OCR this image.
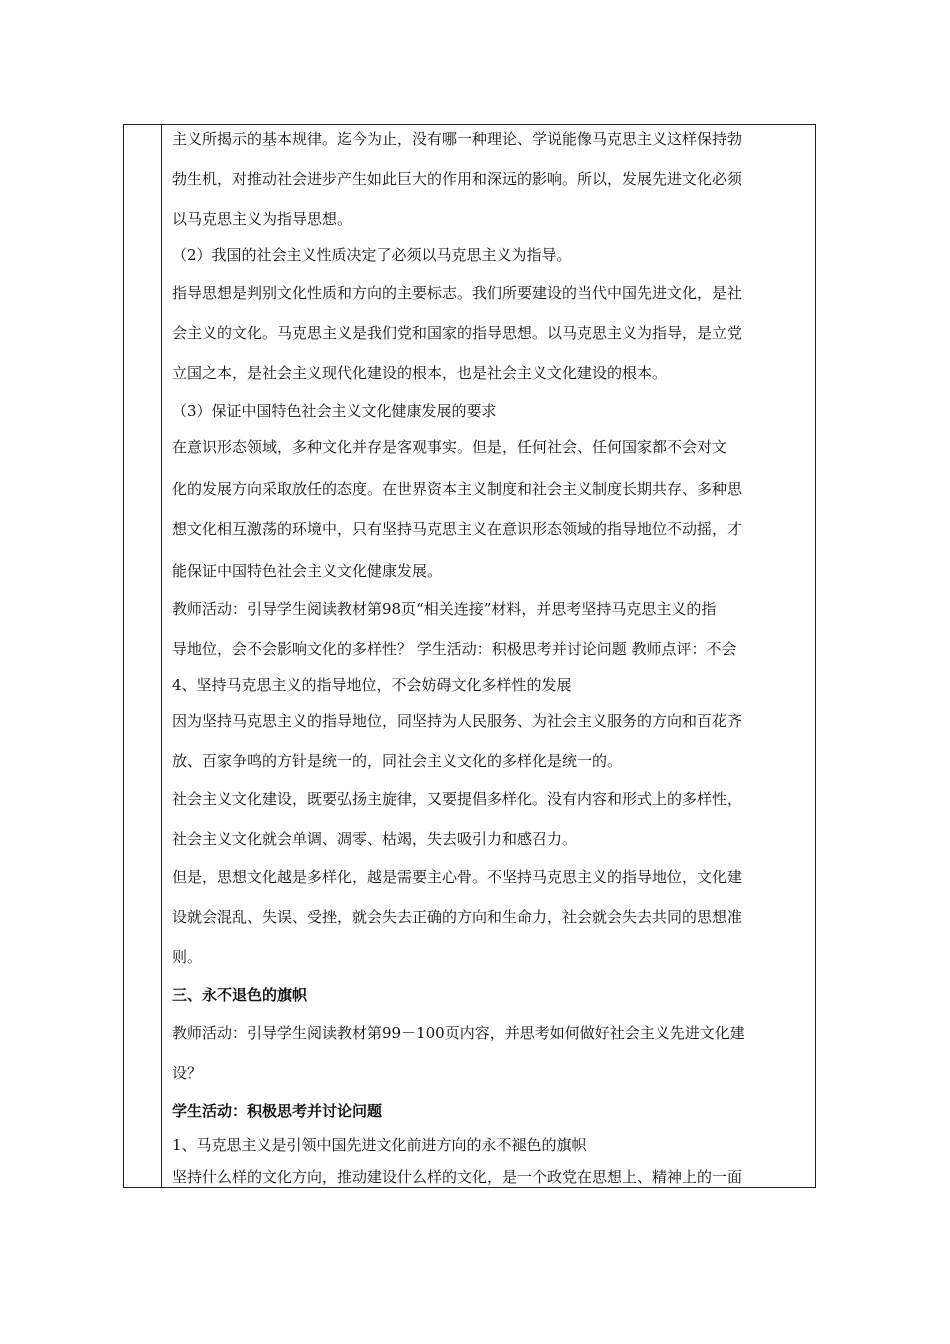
主义所揭示的基本规律。迄今为止，没有哪一种理论、学说能像马克思主义这样保持勃
勃生机，对推动社会进步产生如此巨大的作用和深远的影响。所以，发展先进文化必须
以马克思主义为指导思想。
（2）我国的社会主义性质决定了必须以马克思主义为指导。
指导思想是判别文化性质和方向的主要标志。我们所要建设的当代中国先进文化，是社
会主义的文化。马克思主义是我们党和国家的指导思想。以马克思主义为指导，是立党
立国之本，是社会主义现代化建设的根本，也是社会主义文化建设的根本。
（3）保证中国特色社会主义文化健康发展的要求
在意识形态领域，多种文化并存是客观事实。但是，任何社会、任何国家都不会对文
化的发展方向采取放任的态度。在世界资本主义制度和社会主义制度长期共存、多种思
想文化相互激荡的环境中，只有坚持马克思主义在意识形态领域的指导地位不动摇，才
能保证中国特色社会主义文化健康发展。
教师活动：引导学生阅读教材第98页“相关连接”材料，并思考坚持马克思主义的指
导地位，会不会影响文化的多样性？ 学生活动：积极思考并讨论问题 教师点评：不会
4、坚持马克思主义的指导地位，不会妨碍文化多样性的发展
因为坚持马克思主义的指导地位，同坚持为人民服务、为社会主义服务的方向和百花齐
放、百家争鸣的方针是统一的，同社会主义文化的多样化是统一的。
社会主义文化建设，既要弘扬主旋律，又要提倡多样化。没有内容和形式上的多样性，
社会主义文化就会单调、凋零、枯竭，失去吸引力和感召力。
但是，思想文化越是多样化，越是需要主心骨。不坚持马克思主义的指导地位，文化建
设就会混乱、失误、受挫，就会失去正确的方向和生命力，社会就会失去共同的思想准
则。
三、永不退色的旗帜
教师活动：引导学生阅读教材第99－100页内容，并思考如何做好社会主义先进文化建
设？
学生活动：积极思考并讨论问题
1、马克思主义是引领中国先进文化前进方向的永不褪色的旗帜
坚持什么样的文化方向，推动建设什么样的文化，是一个政党在思想上、精神上的一面
